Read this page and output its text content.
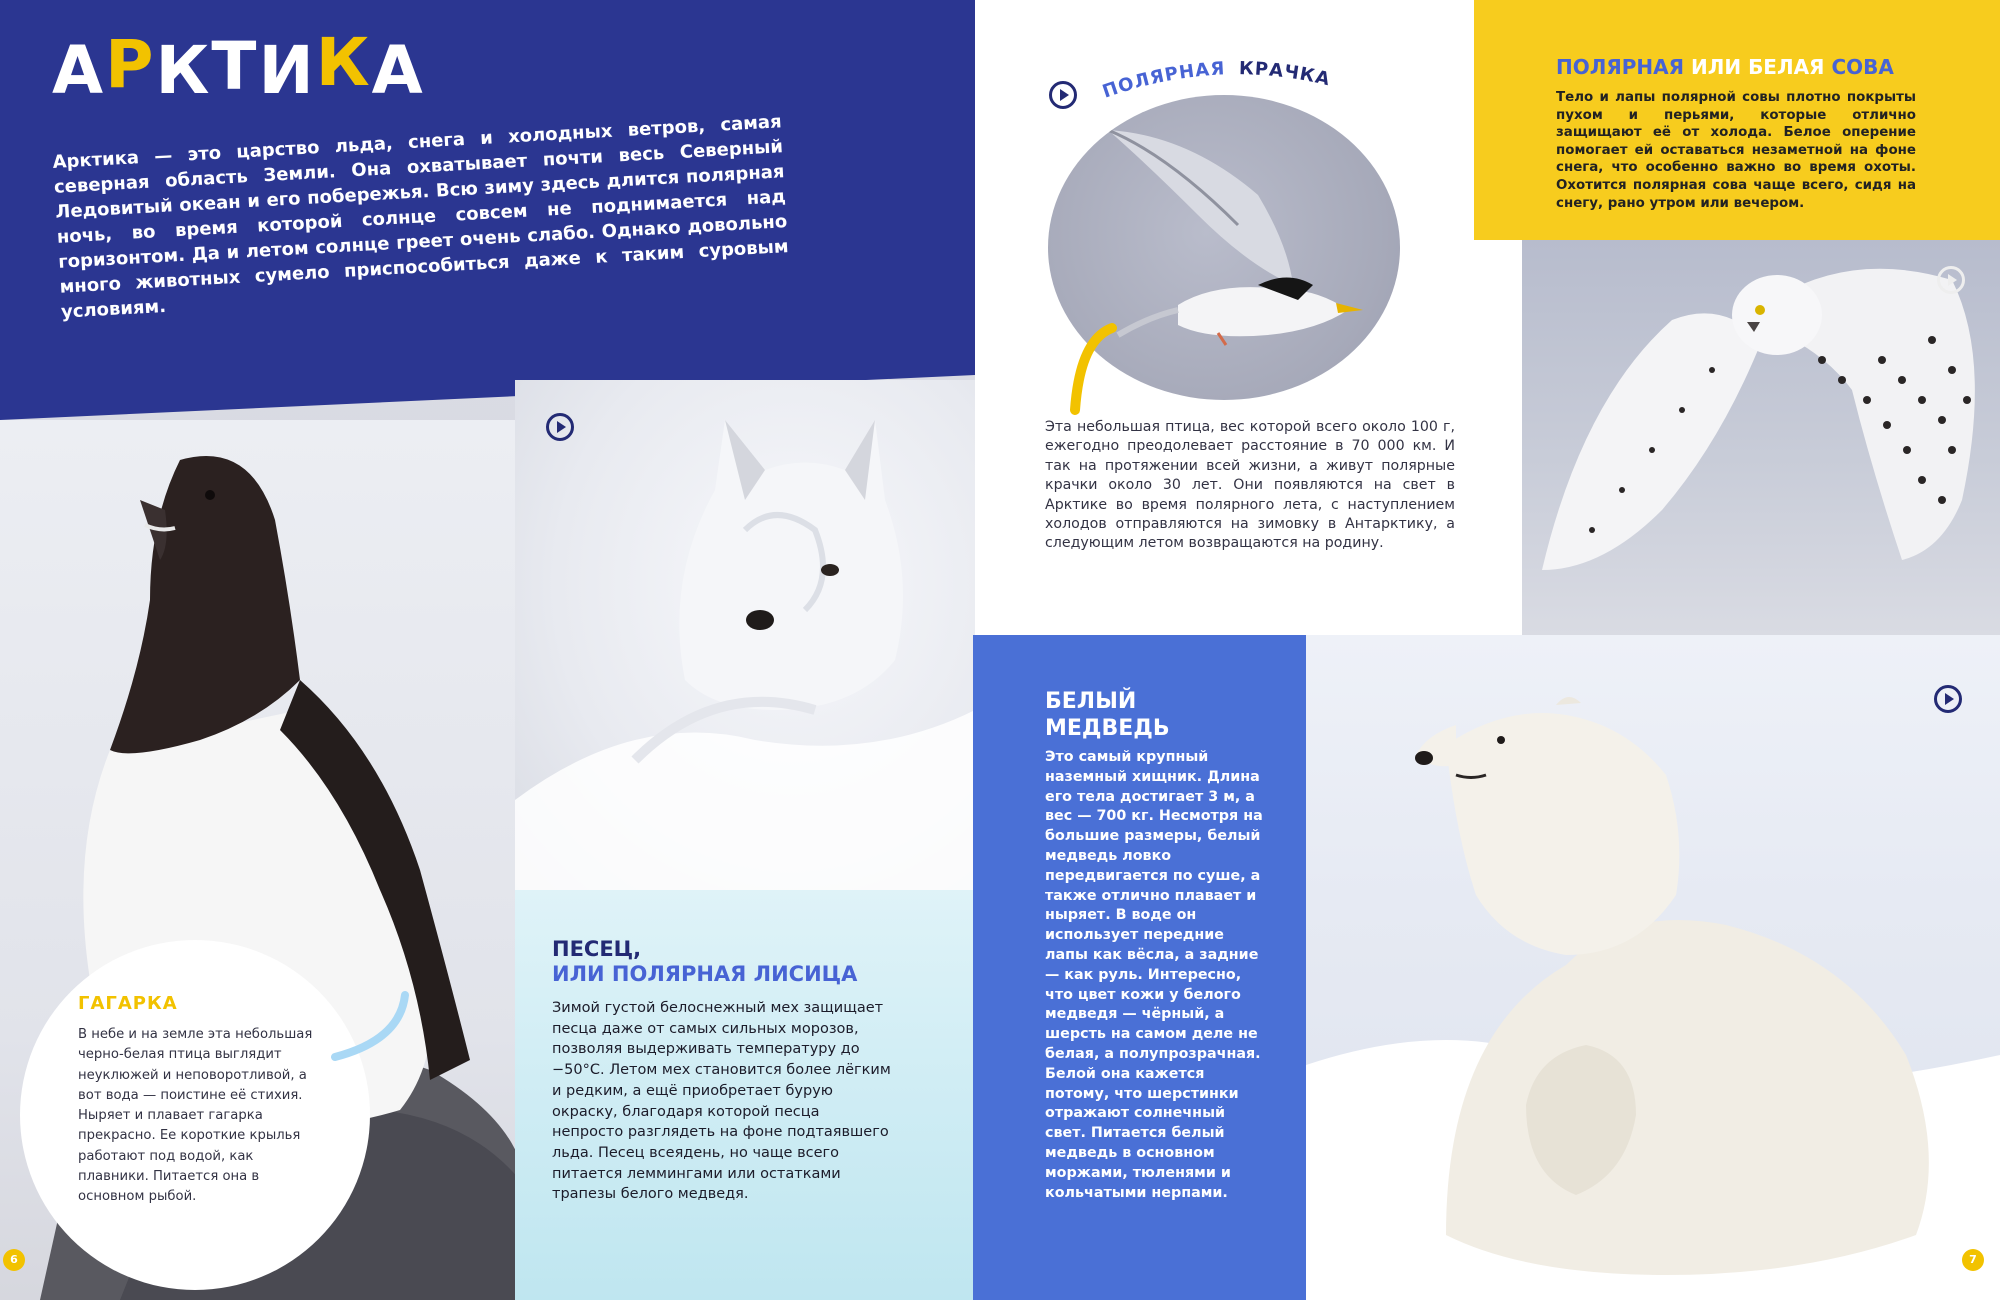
АРКТИКА

Арктика — это царство льда, снега и холодных ветров, самая северная область Земли. Она охватывает почти весь Северный Ледовитый океан и его побережья. Всю зиму здесь длится полярная ночь, во время которой солнце совсем не поднимается над горизонтом. Да и летом солнце греет очень слабо. Однако довольно много животных сумело приспособиться даже к таким суровым условиям.

ПЕСЕЦ,
ИЛИ ПОЛЯРНАЯ ЛИСИЦА

Зимой густой белоснежный мех защищает песца даже от самых сильных морозов, позволяя выдерживать температуру до −50°С. Летом мех становится более лёгким и редким, а ещё приобретает бурую окраску, благодаря которой песца непросто разглядеть на фоне подтаявшего льда. Песец всеядень, но чаще всего питается леммингами или остатками трапезы белого медведя.

ГАГАРКА

В небе и на земле эта небольшая черно-белая птица выглядит неуклюжей и неповоротливой, а вот вода — поистине её стихия. Ныряет и плавает гагарка прекрасно. Ее короткие крылья работают под водой, как плавники. Питается она в основном рыбой.

6
ПОЛЯРНАЯ КРАЧКА

Эта небольшая птица, вес которой всего около 100 г, ежегодно преодолевает расстояние в 70 000 км. И так на протяжении всей жизни, а живут полярные крачки около 30 лет. Они появляются на свет в Арктике во время полярного лета, с наступлением холодов отправляются на зимовку в Антарктику, а следующим летом возвращаются на родину.

ПОЛЯРНАЯ ИЛИ БЕЛАЯ СОВА

Тело и лапы полярной совы плотно покрыты пухом и перьями, которые отлично защищают её от холода. Белое оперение помогает ей оставаться незаметной на фоне снега, что особенно важно во время охоты. Охотится полярная сова чаще всего, сидя на снегу, рано утром или вечером.

БЕЛЫЙ
МЕДВЕДЬ

Это самый крупный наземный хищник. Длина его тела достигает 3 м, а вес — 700 кг. Несмотря на большие размеры, белый медведь ловко передвигается по суше, а также отлично плавает и ныряет. В воде он использует передние лапы как вёсла, а задние — как руль. Интересно, что цвет кожи у белого медведя — чёрный, а шерсть на самом деле не белая, а полупрозрачная. Белой она кажется потому, что шерстинки отражают солнечный свет. Питается белый медведь в основном моржами, тюленями и кольчатыми нерпами.

7
